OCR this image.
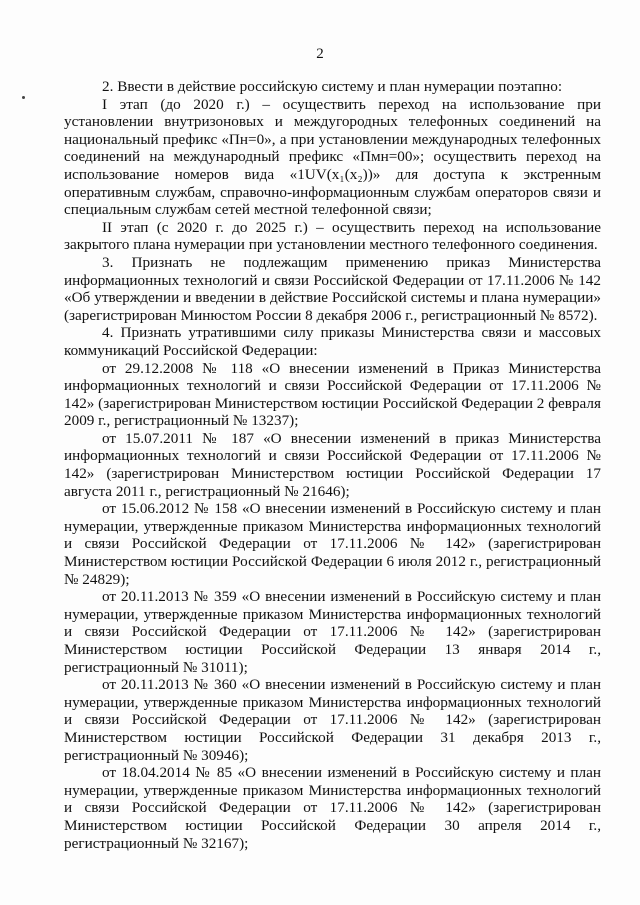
2

2. Ввести в действие российскую систему и план нумерации поэтапно:

I этап (до 2020 г.) – осуществить переход на использование при установлении внутризоновых и междугородных телефонных соединений на национальный префикс «Пн=0», а при установлении международных телефонных соединений на международный префикс «Пмн=00»; осуществить переход на использование номеров вида «1UV(x₁(x₂))» для доступа к экстренным оперативным службам, справочно-информационным службам операторов связи и специальным службам сетей местной телефонной связи;

II этап (с 2020 г. до 2025 г.) – осуществить переход на использование закрытого плана нумерации при установлении местного телефонного соединения.

3. Признать не подлежащим применению приказ Министерства информационных технологий и связи Российской Федерации от 17.11.2006 № 142 «Об утверждении и введении в действие Российской системы и плана нумерации» (зарегистрирован Минюстом России 8 декабря 2006 г., регистрационный № 8572).

4. Признать утратившими силу приказы Министерства связи и массовых коммуникаций Российской Федерации:

от 29.12.2008 № 118 «О внесении изменений в Приказ Министерства информационных технологий и связи Российской Федерации от 17.11.2006 № 142» (зарегистрирован Министерством юстиции Российской Федерации 2 февраля 2009 г., регистрационный № 13237);

от 15.07.2011 № 187 «О внесении изменений в приказ Министерства информационных технологий и связи Российской Федерации от 17.11.2006 № 142» (зарегистрирован Министерством юстиции Российской Федерации 17 августа 2011 г., регистрационный № 21646);

от 15.06.2012 № 158 «О внесении изменений в Российскую систему и план нумерации, утвержденные приказом Министерства информационных технологий и связи Российской Федерации от 17.11.2006 № 142» (зарегистрирован Министерством юстиции Российской Федерации 6 июля 2012 г., регистрационный № 24829);

от 20.11.2013 № 359 «О внесении изменений в Российскую систему и план нумерации, утвержденные приказом Министерства информационных технологий и связи Российской Федерации от 17.11.2006 № 142» (зарегистрирован Министерством юстиции Российской Федерации 13 января 2014 г., регистрационный № 31011);

от 20.11.2013 № 360 «О внесении изменений в Российскую систему и план нумерации, утвержденные приказом Министерства информационных технологий и связи Российской Федерации от 17.11.2006 № 142» (зарегистрирован Министерством юстиции Российской Федерации 31 декабря 2013 г., регистрационный № 30946);

от 18.04.2014 № 85 «О внесении изменений в Российскую систему и план нумерации, утвержденные приказом Министерства информационных технологий и связи Российской Федерации от 17.11.2006 № 142» (зарегистрирован Министерством юстиции Российской Федерации 30 апреля 2014 г., регистрационный № 32167);
